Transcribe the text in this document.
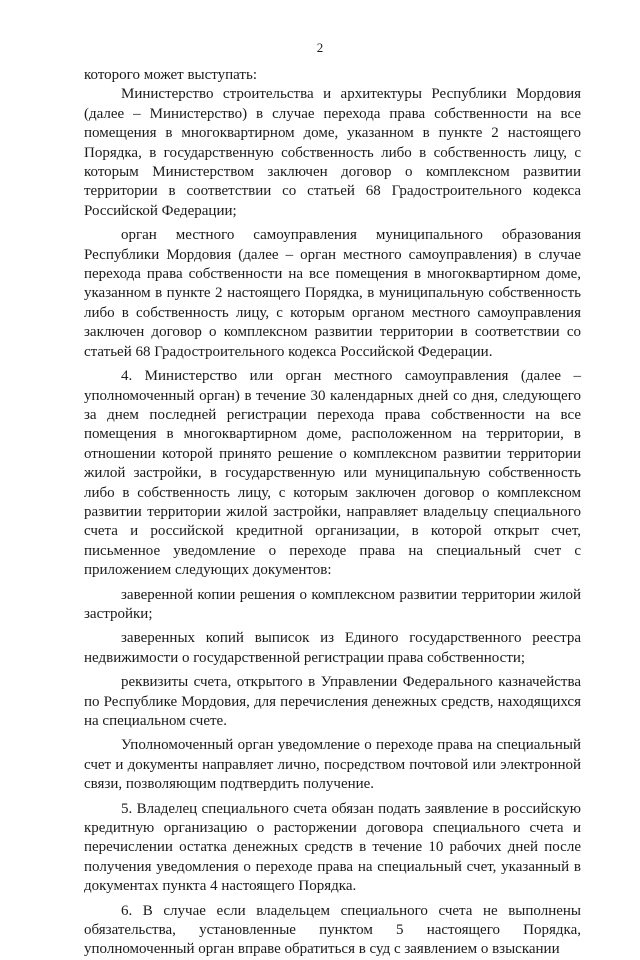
2

которого может выступать:

Министерство строительства и архитектуры Республики Мордовия (далее – Министерство) в случае перехода права собственности на все помещения в многоквартирном доме, указанном в пункте 2 настоящего Порядка, в государственную собственность либо в собственность лицу, с которым Министерством заключен договор о комплексном развитии территории в соответствии со статьей 68 Градостроительного кодекса Российской Федерации;

орган местного самоуправления муниципального образования Республики Мордовия (далее – орган местного самоуправления) в случае перехода права собственности на все помещения в многоквартирном доме, указанном в пункте 2 настоящего Порядка, в муниципальную собственность либо в собственность лицу, с которым органом местного самоуправления заключен договор о комплексном развитии территории в соответствии со статьей 68 Градостроительного кодекса Российской Федерации.

4. Министерство или орган местного самоуправления (далее – уполномоченный орган) в течение 30 календарных дней со дня, следующего за днем последней регистрации перехода права собственности на все помещения в многоквартирном доме, расположенном на территории, в отношении которой принято решение о комплексном развитии территории жилой застройки, в государственную или муниципальную собственность либо в собственность лицу, с которым заключен договор о комплексном развитии территории жилой застройки, направляет владельцу специального счета и российской кредитной организации, в которой открыт счет, письменное уведомление о переходе права на специальный счет с приложением следующих документов:

заверенной копии решения о комплексном развитии территории жилой застройки;

заверенных копий выписок из Единого государственного реестра недвижимости о государственной регистрации права собственности;

реквизиты счета, открытого в Управлении Федерального казначейства по Республике Мордовия, для перечисления денежных средств, находящихся на специальном счете.

Уполномоченный орган уведомление о переходе права на специальный счет и документы направляет лично, посредством почтовой или электронной связи, позволяющим подтвердить получение.

5. Владелец специального счета обязан подать заявление в российскую кредитную организацию о расторжении договора специального счета и перечислении остатка денежных средств в течение 10 рабочих дней после получения уведомления о переходе права на специальный счет, указанный в документах пункта 4 настоящего Порядка.

6. В случае если владельцем специального счета не выполнены обязательства, установленные пунктом 5 настоящего Порядка, уполномоченный орган вправе обратиться в суд с заявлением о взыскании
